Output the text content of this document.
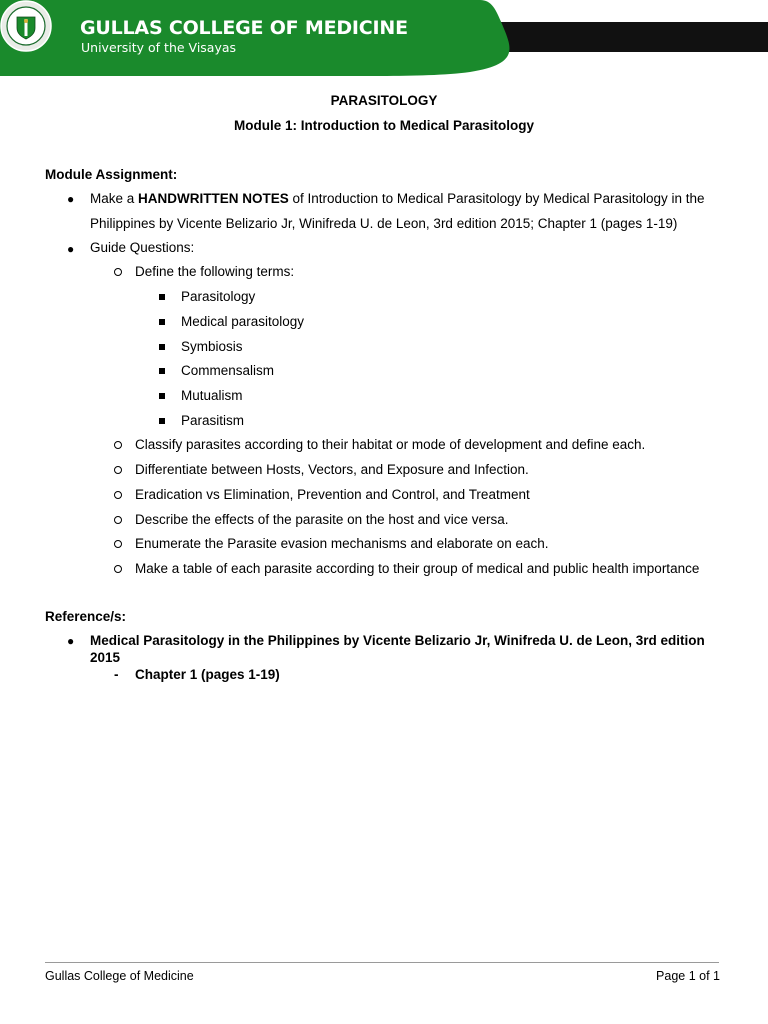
GULLAS COLLEGE OF MEDICINE
University of the Visayas
PARASITOLOGY
Module 1: Introduction to Medical Parasitology
Module Assignment:
● Make a HANDWRITTEN NOTES of Introduction to Medical Parasitology by Medical Parasitology in the
Philippines by Vicente Belizario Jr, Winifreda U. de Leon, 3rd edition 2015; Chapter 1 (pages 1-19)
● Guide Questions:
Define the following terms:
Parasitology
Medical parasitology
Symbiosis
Commensalism
Mutualism
Parasitism
Classify parasites according to their habitat or mode of development and define each.
Differentiate between Hosts, Vectors, and Exposure and Infection.
Eradication vs Elimination, Prevention and Control, and Treatment
Describe the effects of the parasite on the host and vice versa.
Enumerate the Parasite evasion mechanisms and elaborate on each.
Make a table of each parasite according to their group of medical and public health importance
Reference/s:
● Medical Parasitology in the Philippines by Vicente Belizario Jr, Winifreda U. de Leon, 3rd edition
2015
- Chapter 1 (pages 1-19)
Gullas College of Medicine	Page 1 of 1
